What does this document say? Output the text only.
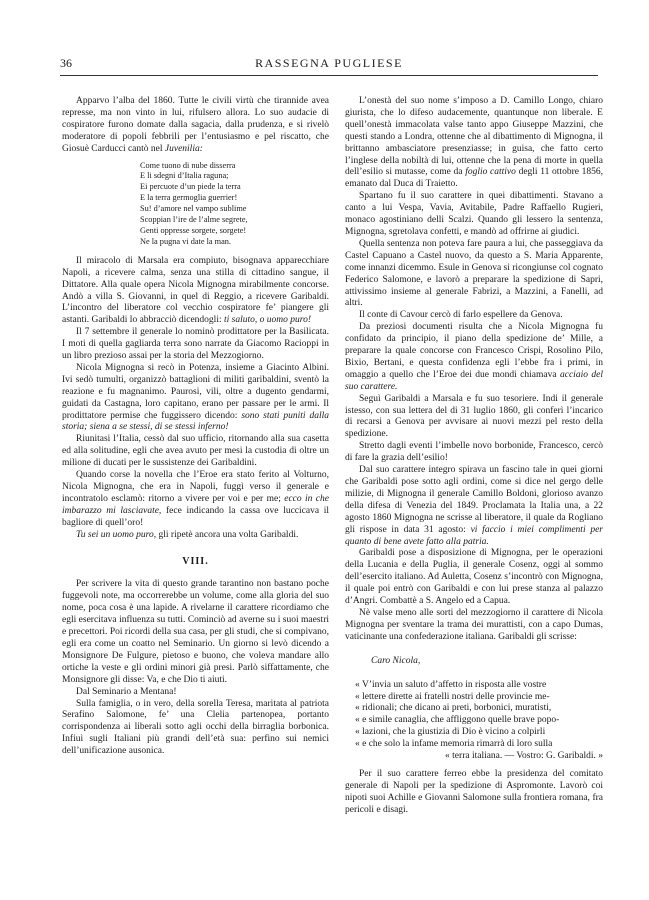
36	RASSEGNA PUGLIESE

Apparvo l’alba del 1860. Tutte le civili virtù che tirannide avea represse, ma non vinto in lui, rifulsero allora. Lo suo audacie di cospiratore furono domate dalla sagacia, dalla prudenza, e si rivelò moderatore di popoli febbrili per l’entusiasmo e pel riscatto, che Giosuè Carducci cantò nel Juvenilia:

Come tuono di nube disserra
E li sdegni d’Italia raguna;
Ei percuote d’un piede la terra
E la terra germoglia guerrier!
Su! d’amore nel vampo sublime
Scoppian l’ire de l’alme segrete,
Genti oppresse sorgete, sorgete!
Ne la pugna vi date la man.

Il miracolo di Marsala era compiuto, bisognava apparecchiare Napoli, a ricevere calma, senza una stilla di cittadino sangue, il Dittatore. Alla quale opera Nicola Mignogna mirabilmente concorse. Andò a villa S. Giovanni, in quel di Reggio, a ricevere Garibaldi. L’incontro del liberatore col vecchio cospiratore fe’ piangere gli astanti. Garibaldi lo abbracciò dicendogli: ti saluto, o uomo puro!

Il 7 settembre il generale lo nominò prodittatore per la Basilicata. I moti di quella gagliarda terra sono narrate da Giacomo Racioppi in un libro prezioso assai per la storia del Mezzogiorno.

Nicola Mignogna si recò in Potenza, insieme a Giacinto Albini. Ivi sedò tumulti, organizzò battaglioni di militi garibaldini, sventò la reazione e fu magnanimo. Paurosi, vili, oltre a dugento gendarmi, guidati da Castagna, loro capitano, erano per passare per le armi. Il prodittatore permise che fuggissero dicendo: sono stati puniti dalla storia; siena a se stessi, di se stessi inferno!

Riunitasi l’Italia, cessò dal suo ufficio, ritornando alla sua casetta ed alla solitudine, egli che avea avuto per mesi la custodia di oltre un milione di ducati per le sussistenze dei Garibaldini.

Quando corse la novella che l’Eroe era stato ferito al Volturno, Nicola Mignogna, che era in Napoli, fuggì verso il generale e incontratolo esclamò: ritorno a viverе per voi e per me; ecco in che imbarazzo mi lasciavate, fece indicando la cassa ove luccicava il bagliore di quell’oro!

Tu sei un uomo puro, gli ripetè ancora una volta Garibaldi.

VIII.

Per scrivere la vita di questo grande tarantino non bastano poche fuggevoli note, ma occorrerebbe un volume, come alla gloria del suo nome, poca cosa è una lapide. A rivelarne il carattere ricordiamo che egli esercitava influenza su tutti. Cominciò ad averne su i suoi maestri e precettori. Poi ricordi della sua casa, per gli studi, che si compivano, egli era come un coatto nel Seminario. Un giorno si levò dicendo a Monsignore De Fulgure, pietoso e buono, che voleva mandare allo ortiche la veste e gli ordini minori già presi. Parlò siffattamente, che Monsignore gli disse: Va, e che Dio ti aiuti.

Dal Seminario a Mentana!

Sulla famiglia, o in vero, della sorella Teresa, maritata al patriota Serafino Salomone, fe’ una Clelia partenopea, portanto corrispondenza ai liberali sotto agli occhi della birraglia borbonica. Infiuì sugli Italiani più grandi dell’età sua: perfino sui nemici dell’unificazione ausonica.

L’onestà del suo nome s’imposo a D. Camillo Longo, chiaro giurista, che lo difeso audacemente, quantunque non liberale. E quell’onestà immacolata valse tanto appo Giuseppe Mazzini, che questi stando a Londra, ottenne che al dibattimento di Mignogna, il brittanno ambasciatore presenziasse; in guisa, che fatto certo l’inglese della nobiltà di lui, ottenne che la pena di morte in quella dell’esilio si mutasse, come da foglio cattivo degli 11 ottobre 1856, emanato dal Duca di Traietto.

Spartano fu il suo carattere in quei dibattimenti. Stavano a canto a lui Vespa, Vavia, Avitabile, Padre Raffaello Rugieri, monaco agostiniano delli Scalzi. Quando gli lessero la sentenza, Mignogna, sgretolava confetti, e mandò ad offrirne ai giudici.

Quella sentenza non poteva fare paura a lui, che passeggiava da Castel Capuano a Castel nuovo, da questo a S. Maria Apparente, come innanzi dicemmo. Esule in Genova si ricongiunse col cognato Federico Salomone, e lavorò a preparare la spedizione di Sapri, attivissimo insieme al generale Fabrizi, a Mazzini, a Fanelli, ad altri.

Il conte di Cavour cercò di farlo espellere da Genova.

Da preziosi documenti risulta che a Nicola Mignogna fu confidato da principio, il piano della spedizione de’ Mille, a preparare la quale concorse con Francesco Crispi, Rosolino Pilo, Bixio, Bertani, e questa confidenza egli l’ebbe fra i primi, in omaggio a quello che l’Eroe dei due mondi chiamava acciaio del suo carattere.

Seguì Garibaldi a Marsala e fu suo tesoriere. Indi il generale istesso, con sua lettera del di 31 luglio 1860, gli conferì l’incarico di recarsi a Genova per avvisare ai nuovi mezzi pel resto della spedizione.

Stretto dagli eventi l’imbelle novo borbonide, Francesco, cercò di fare la grazia dell’esilio!

Dal suo carattere integro spirava un fascino tale in quei giorni che Garibaldi pose sotto agli ordini, come si dice nel gergo delle milizie, di Mignogna il generale Camillo Boldoni, glorioso avanzo della difesa di Venezia del 1849. Proclamata la Italia una, a 22 agosto 1860 Mignogna ne scrisse al liberatore, il quale da Rogliano gli rispose in data 31 agosto: vi faccio i miei complimenti per quanto di bene avete fatto alla patria.

Garibaldi pose a disposizione di Mignogna, per le operazioni della Lucania e della Puglia, il generale Cosenz, oggi al sommo dell’esercito italiano. Ad Auletta, Cosenz s’incontrò con Mignogna, il quale poi entrò con Garibaldi e con lui prese stanza al palazzo d’Angri. Combattè a S. Angelo ed a Capua.

Nè valse meno alle sorti del mezzogiorno il carattere di Nicola Mignogna per sventare la trama dei murattisti, con a capo Dumas, vaticinante una confederazione italiana. Garibaldi gli scrisse:

Caro Nicola,
« V’invia un saluto d’affetto in risposta alle vostre
« lettere dirette ai fratelli nostri delle provincie me-
« ridionali; che dicano ai preti, borbonici, muratisti,
« e simile canaglia, che affliggono quelle brave popo-
« lazioni, che la giustizia di Dio è vicino a colpirli
« e che solo la infame memoria rimarrà di loro sulla
« terra italiana. — Vostro: G. Garibaldi. »

Per il suo carattere ferreo ebbe la presidenza del comitato generale di Napoli per la spedizione di Aspromonte. Lavorò coi nipoti suoi Achille e Giovanni Salomone sulla frontiera romana, fra pericoli e disagi.
